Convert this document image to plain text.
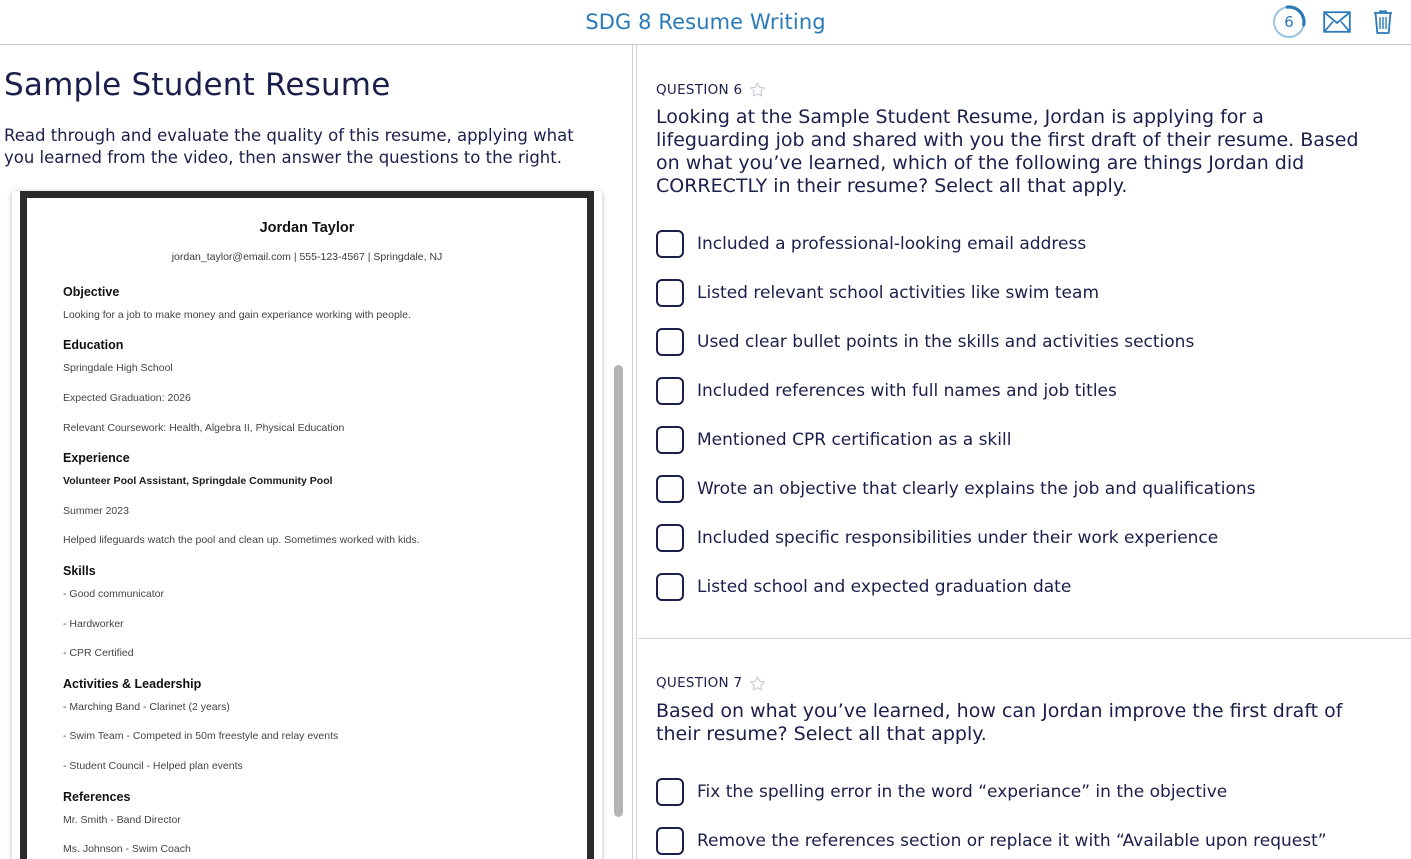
SDG 8 Resume Writing	6
Sample Student Resume

Read through and evaluate the quality of this resume, applying what you learned from the video, then answer the questions to the right.

Jordan Taylor
jordan_taylor@email.com | 555-123-4567 | Springdale, NJ
Objective
Looking for a job to make money and gain experiance working with people.
Education
Springdale High School
Expected Graduation: 2026
Relevant Coursework: Health, Algebra II, Physical Education
Experience
Volunteer Pool Assistant, Springdale Community Pool
Summer 2023
Helped lifeguards watch the pool and clean up. Sometimes worked with kids.
Skills
- Good communicator
- Hardworker
- CPR Certified
Activities & Leadership
- Marching Band - Clarinet (2 years)
- Swim Team - Competed in 50m freestyle and relay events
- Student Council - Helped plan events
References
Mr. Smith - Band Director
Ms. Johnson - Swim Coach
QUESTION 6
Looking at the Sample Student Resume, Jordan is applying for a lifeguarding job and shared with you the first draft of their resume. Based on what you’ve learned, which of the following are things Jordan did CORRECTLY in their resume? Select all that apply.
Included a professional-looking email address
Listed relevant school activities like swim team
Used clear bullet points in the skills and activities sections
Included references with full names and job titles
Mentioned CPR certification as a skill
Wrote an objective that clearly explains the job and qualifications
Included specific responsibilities under their work experience
Listed school and expected graduation date
QUESTION 7
Based on what you’ve learned, how can Jordan improve the first draft of their resume? Select all that apply.
Fix the spelling error in the word “experiance” in the objective
Remove the references section or replace it with “Available upon request”
